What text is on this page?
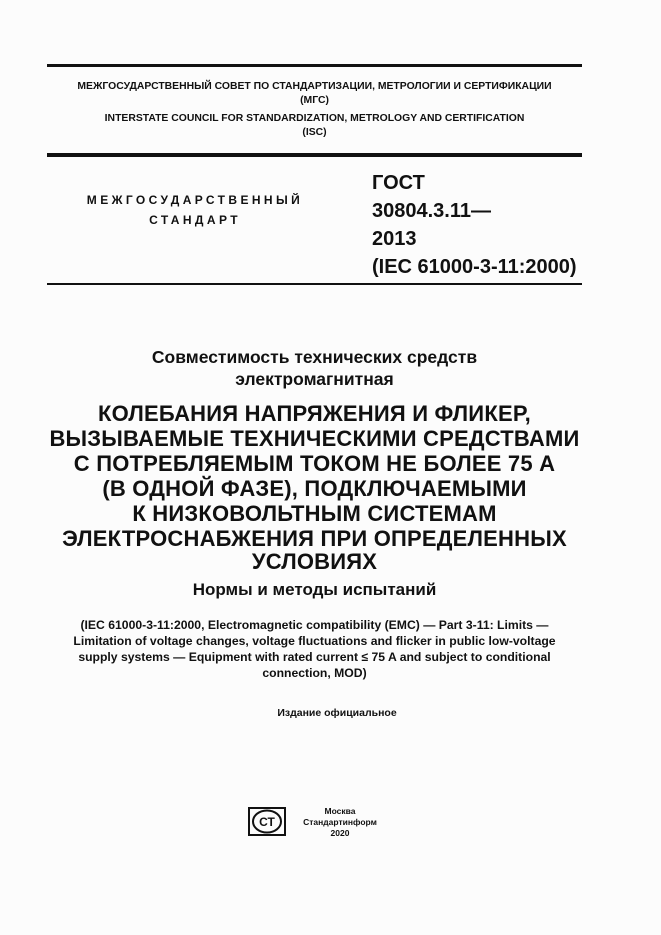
МЕЖГОСУДАРСТВЕННЫЙ СОВЕТ ПО СТАНДАРТИЗАЦИИ, МЕТРОЛОГИИ И СЕРТИФИКАЦИИ
(МГС)
INTERSTATE COUNCIL FOR STANDARDIZATION, METROLOGY AND CERTIFICATION
(ISC)
МЕЖГОСУДАРСТВЕННЫЙ
СТАНДАРТ
ГОСТ
30804.3.11—
2013
(IEC 61000-3-11:2000)
Совместимость технических средств
электромагнитная
КОЛЕБАНИЯ НАПРЯЖЕНИЯ И ФЛИКЕР,
ВЫЗЫВАЕМЫЕ ТЕХНИЧЕСКИМИ СРЕДСТВАМИ
С ПОТРЕБЛЯЕМЫМ ТОКОМ НЕ БОЛЕЕ 75 А
(В ОДНОЙ ФАЗЕ), ПОДКЛЮЧАЕМЫМИ
К НИЗКОВОЛЬТНЫМ СИСТЕМАМ
ЭЛЕКТРОСНАБЖЕНИЯ ПРИ ОПРЕДЕЛЕННЫХ
УСЛОВИЯХ
Нормы и методы испытаний
(IEC 61000-3-11:2000, Electromagnetic compatibility (EMC) — Part 3-11: Limits —
Limitation of voltage changes, voltage fluctuations and flicker in public low-voltage
supply systems — Equipment with rated current ≤ 75 A and subject to conditional
connection, MOD)
Издание официальное
СТ
Москва
Стандартинформ
2020
